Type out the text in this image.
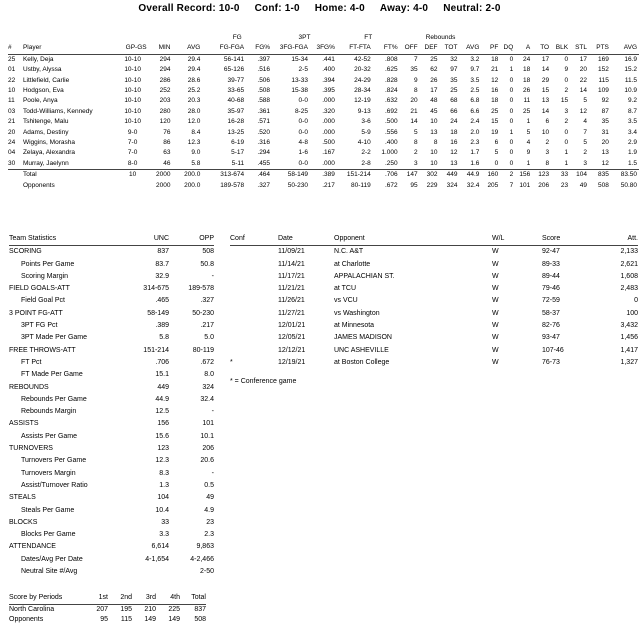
Overall Record: 10-0 Conf: 1-0 Home: 4-0 Away: 4-0 Neutral: 2-0
					FG		3PT		FT		Rebounds											
#	Player	GP-GS	MIN	AVG	FG-FGA	FG%	3FG-FGA	3FG%	FT-FTA	FT%	OFF	DEF	TOT	AVG	PF	DQ	A	TO	BLK	STL	PTS	AVG
25	Kelly, Deja	10-10	294	29.4	56-141	.397	15-34	.441	42-52	.808	7	25	32	3.2	18	0	24	17	0	17	169	16.9
01	Ustby, Alyssa	10-10	294	29.4	65-126	.516	2-5	.400	20-32	.625	35	62	97	9.7	21	1	18	14	9	20	152	15.2
22	Littlefield, Carlie	10-10	286	28.6	39-77	.506	13-33	.394	24-29	.828	9	26	35	3.5	12	0	18	29	0	22	115	11.5
10	Hodgson, Eva	10-10	252	25.2	33-65	.508	15-38	.395	28-34	.824	8	17	25	2.5	16	0	26	15	2	14	109	10.9
11	Poole, Anya	10-10	203	20.3	40-68	.588	0-0	.000	12-19	.632	20	48	68	6.8	18	0	11	13	15	5	92	9.2
03	Todd-Williams, Kennedy	10-10	280	28.0	35-97	.361	8-25	.320	9-13	.692	21	45	66	6.6	25	0	25	14	3	12	87	8.7
21	Tshitenge, Malu	10-10	120	12.0	16-28	.571	0-0	.000	3-6	.500	14	10	24	2.4	15	0	1	6	2	4	35	3.5
20	Adams, Destiny	9-0	76	8.4	13-25	.520	0-0	.000	5-9	.556	5	13	18	2.0	19	1	5	10	0	7	31	3.4
24	Wiggins, Morasha	7-0	86	12.3	6-19	.316	4-8	.500	4-10	.400	8	8	16	2.3	6	0	4	2	0	5	20	2.9
04	Zelaya, Alexandra	7-0	63	9.0	5-17	.294	1-6	.167	2-2	1.000	2	10	12	1.7	5	0	9	3	1	2	13	1.9
30	Murray, Jaelynn	8-0	46	5.8	5-11	.455	0-0	.000	2-8	.250	3	10	13	1.6	0	0	1	8	1	3	12	1.5
	Total	10	2000	200.0	313-674	.464	58-149	.389	151-214	.706	147	302	449	44.9	160	2	156	123	33	104	835	83.50
	Opponents		2000	200.0	189-578	.327	50-230	.217	80-119	.672	95	229	324	32.4	205	7	101	206	23	49	508	50.80
Team Statistics	UNC	OPP
SCORING	837	508
Points Per Game	83.7	50.8
Scoring Margin	32.9	-
FIELD GOALS-ATT	314-675	189-578
Field Goal Pct	.465	.327
3 POINT FG-ATT	58-149	50-230
3PT FG Pct	.389	.217
3PT Made Per Game	5.8	5.0
FREE THROWS-ATT	151-214	80-119
FT Pct	.706	.672
FT Made Per Game	15.1	8.0
REBOUNDS	449	324
Rebounds Per Game	44.9	32.4
Rebounds Margin	12.5	-
ASSISTS	156	101
Assists Per Game	15.6	10.1
TURNOVERS	123	206
Turnovers Per Game	12.3	20.6
Turnovers Margin	8.3	-
Assist/Turnover Ratio	1.3	0.5
STEALS	104	49
Steals Per Game	10.4	4.9
BLOCKS	33	23
Blocks Per Game	3.3	2.3
ATTENDANCE	6,614	9,863
Dates/Avg Per Date	4-1,654	4-2,466
Neutral Site #/Avg		2-50
Conf	Date	Opponent	W/L	Score	Att.
	11/09/21	N.C. A&T	W	92-47	2,133
	11/14/21	at Charlotte	W	89-33	2,621
	11/17/21	APPALACHIAN ST.	W	89-44	1,608
	11/21/21	at TCU	W	79-46	2,483
	11/26/21	vs VCU	W	72-59	0
	11/27/21	vs Washington	W	58-37	100
	12/01/21	at Minnesota	W	82-76	3,432
	12/05/21	JAMES MADISON	W	93-47	1,456
	12/12/21	UNC ASHEVILLE	W	107-46	1,417
*	12/19/21	at Boston College	W	76-73	1,327
* = Conference game
Score by Periods	1st	2nd	3rd	4th	Total
North Carolina	207	195	210	225	837
Opponents	95	115	149	149	508
